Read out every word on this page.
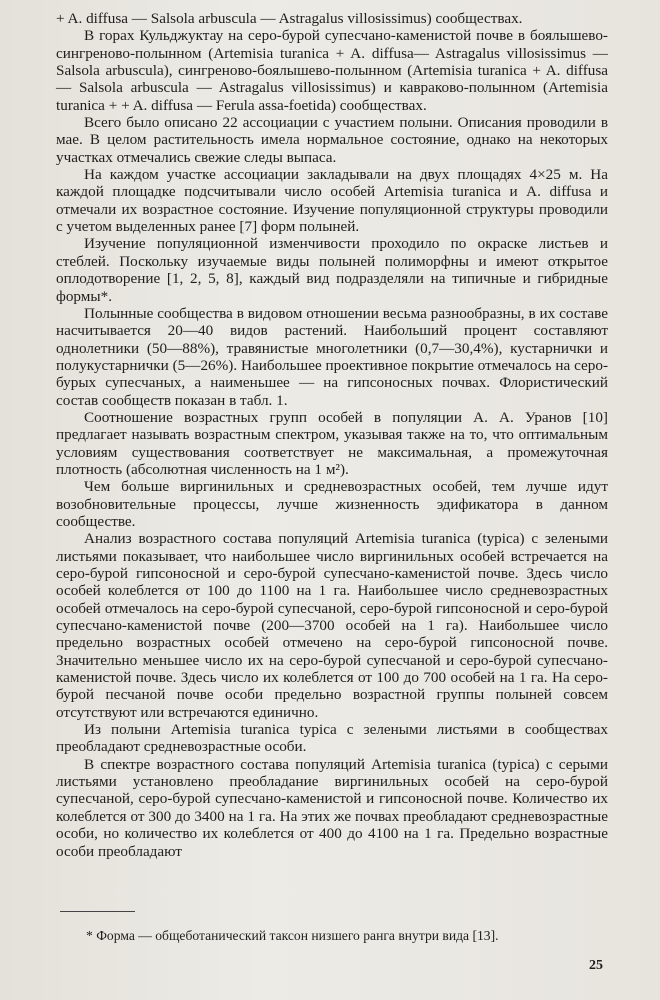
+ A. diffusa — Salsola arbuscula — Astragalus villosissimus) сообществах.

В горах Кульджуктау на серо-бурой супесчано-каменистой почве в боялышево-сингреново-полынном (Artemisia turanica + A. diffusa— Astragalus villosissimus — Salsola arbuscula), сингреново-боялышево-полынном (Artemisia turanica + A. diffusa — Salsola arbuscula — Astragalus villosissimus) и кавраково-полынном (Artemisia turanica + + A. diffusa — Ferula assa-foetida) сообществах.

Всего было описано 22 ассоциации с участием полыни. Описания проводили в мае. В целом растительность имела нормальное состояние, однако на некоторых участках отмечались свежие следы выпаса.

На каждом участке ассоциации закладывали на двух площадях 4×25 м. На каждой площадке подсчитывали число особей Artemisia turanica и A. diffusa и отмечали их возрастное состояние. Изучение популяционной структуры проводили с учетом выделенных ранее [7] форм полыней.

Изучение популяционной изменчивости проходило по окраске листьев и стеблей. Поскольку изучаемые виды полыней полиморфны и имеют открытое оплодотворение [1, 2, 5, 8], каждый вид подразделяли на типичные и гибридные формы*.

Полынные сообщества в видовом отношении весьма разнообразны, в их составе насчитывается 20—40 видов растений. Наибольший процент составляют однолетники (50—88%), травянистые многолетники (0,7—30,4%), кустарнички и полукустарнички (5—26%). Наибольшее проективное покрытие отмечалось на серо-бурых супесчаных, а наименьшее — на гипсоносных почвах. Флористический состав сообществ показан в табл. 1.

Соотношение возрастных групп особей в популяции А. А. Уранов [10] предлагает называть возрастным спектром, указывая также на то, что оптимальным условиям существования соответствует не максимальная, а промежуточная плотность (абсолютная численность на 1 м²).

Чем больше виргинильных и средневозрастных особей, тем лучше идут возобновительные процессы, лучше жизненность эдификатора в данном сообществе.

Анализ возрастного состава популяций Artemisia turanica (typica) с зелеными листьями показывает, что наибольшее число виргинильных особей встречается на серо-бурой гипсоносной и серо-бурой супесчано-каменистой почве. Здесь число особей колеблется от 100 до 1100 на 1 га. Наибольшее число средневозрастных особей отмечалось на серо-бурой супесчаной, серо-бурой гипсоносной и серо-бурой супесчано-каменистой почве (200—3700 особей на 1 га). Наибольшее число предельно возрастных особей отмечено на серо-бурой гипсоносной почве. Значительно меньшее число их на серо-бурой супесчаной и серо-бурой супесчано-каменистой почве. Здесь число их колеблется от 100 до 700 особей на 1 га. На серо-бурой песчаной почве особи предельно возрастной группы полыней совсем отсутствуют или встречаются единично.

Из полыни Artemisia turanica typica с зелеными листьями в сообществах преобладают средневозрастные особи.

В спектре возрастного состава популяций Artemisia turanica (typica) с серыми листьями установлено преобладание виргинильных особей на серо-бурой супесчаной, серо-бурой супесчано-каменистой и гипсоносной почве. Количество их колеблется от 300 до 3400 на 1 га. На этих же почвах преобладают средневозрастные особи, но количество их колеблется от 400 до 4100 на 1 га. Предельно возрастные особи преобладают

* Форма — общеботанический таксон низшего ранга внутри вида [13].
25
